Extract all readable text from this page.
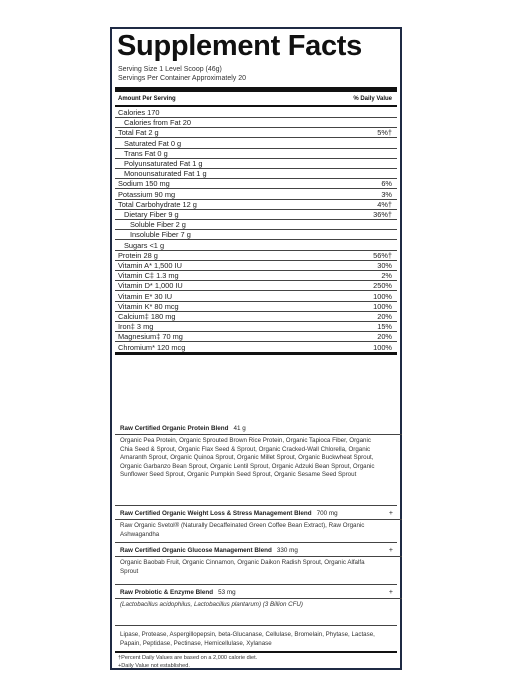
Supplement Facts
Serving Size 1 Level Scoop (46g)
Servings Per Container Approximately 20
Amount Per Serving	% Daily Value
Calories 170
Calories from Fat 20
Total Fat 2 g	5%†
Saturated Fat 0 g
Trans Fat 0 g
Polyunsaturated Fat 1 g
Monounsaturated Fat 1 g
Sodium 150 mg	6%
Potassium 90 mg	3%
Total Carbohydrate 12 g	4%†
Dietary Fiber 9 g	36%†
Soluble Fiber 2 g
Insoluble Fiber 7 g
Sugars <1 g
Protein 28 g	56%†
Vitamin A* 1,500 IU	30%
Vitamin C‡ 1.3 mg	2%
Vitamin D* 1,000 IU	250%
Vitamin E* 30 IU	100%
Vitamin K* 80 mcg	100%
Calcium‡ 180 mg	20%
Iron‡ 3 mg	15%
Magnesium‡ 70 mg	20%
Chromium* 120 mcg	100%
Raw Certified Organic Protein Blend 41 g
Organic Pea Protein, Organic Sprouted Brown Rice Protein, Organic Tapioca Fiber, Organic Chia Seed & Sprout, Organic Flax Seed & Sprout, Organic Cracked-Wall Chlorella, Organic Amaranth Sprout, Organic Quinoa Sprout, Organic Millet Sprout, Organic Buckwheat Sprout, Organic Garbanzo Bean Sprout, Organic Lentil Sprout, Organic Adzuki Bean Sprout, Organic Sunflower Seed Sprout, Organic Pumpkin Seed Sprout, Organic Sesame Seed Sprout
Raw Certified Organic Weight Loss & Stress Management Blend 700 mg	+
Raw Organic Svetol® (Naturally Decaffeinated Green Coffee Bean Extract), Raw Organic Ashwagandha
Raw Certified Organic Glucose Management Blend 330 mg	+
Organic Baobab Fruit, Organic Cinnamon, Organic Daikon Radish Sprout, Organic Alfalfa Sprout
Raw Probiotic & Enzyme Blend 53 mg	+
(Lactobacillus acidophilus, Lactobacillus plantarum) (3 Billion CFU)
Lipase, Protease, Aspergillopepsin, beta-Glucanase, Cellulase, Bromelain, Phytase, Lactase, Papain, Peptidase, Pectinase, Hemicellulase, Xylanase
†Percent Daily Values are based on a 2,000 calorie diet.
+Daily Value not established.
